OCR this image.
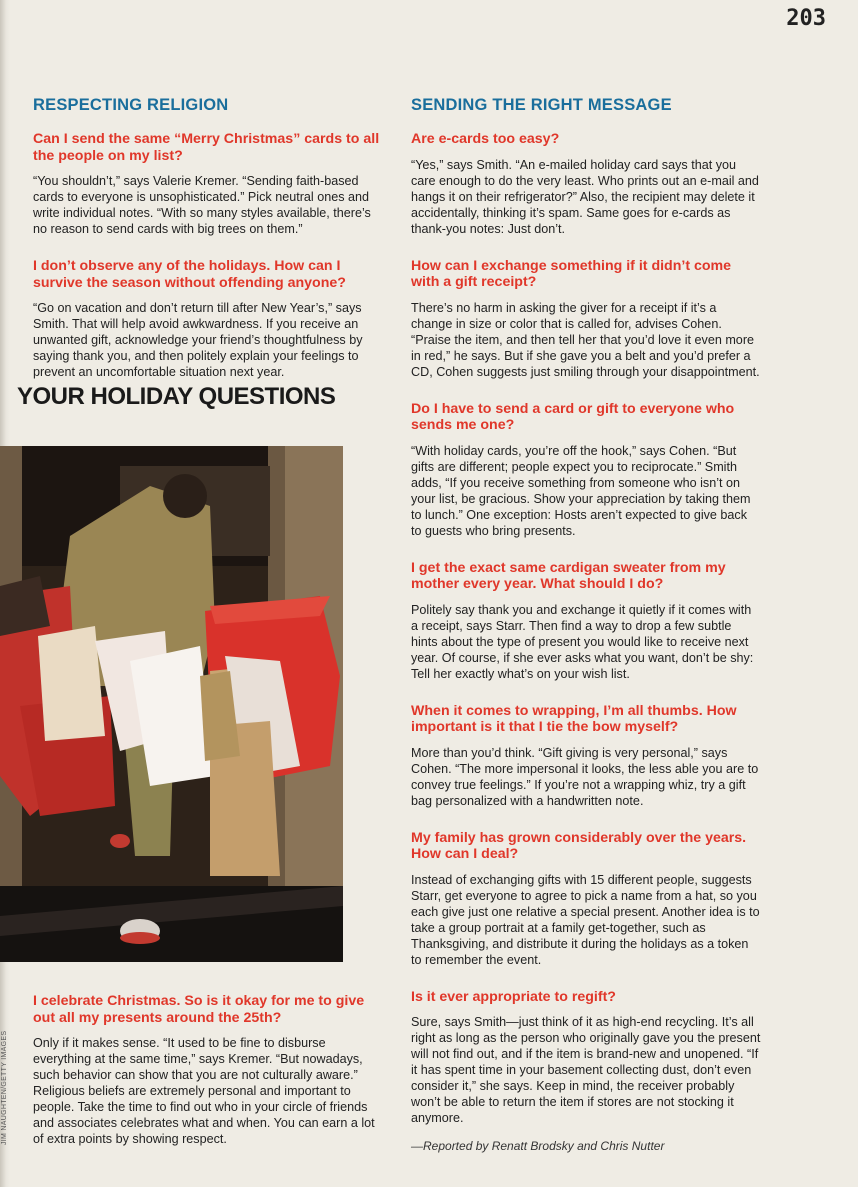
203
RESPECTING RELIGION
Can I send the same “Merry Christmas” cards to all the people on my list?

“You shouldn’t,” says Valerie Kremer. “Sending faith-based cards to everyone is unsophisticated.” Pick neutral ones and write individual notes. “With so many styles available, there’s no reason to send cards with big trees on them.”

I don’t observe any of the holidays. How can I survive the season without offending anyone?

“Go on vacation and don’t return till after New Year’s,” says Smith. That will help avoid awkwardness. If you receive an unwanted gift, acknowledge your friend’s thoughtfulness by saying thank you, and then politely explain your feelings to prevent an uncomfortable situation next year.

YOUR HOLIDAY QUESTIONS
I celebrate Christmas. So is it okay for me to give out all my presents around the 25th?

Only if it makes sense. “It used to be fine to disburse everything at the same time,” says Kremer. “But nowadays, such behavior can show that you are not culturally aware.” Religious beliefs are extremely personal and important to people. Take the time to find out who in your circle of friends and associates celebrates what and when. You can earn a lot of extra points by showing respect.

JIM NAUGHTEN/GETTY IMAGES
SENDING THE RIGHT MESSAGE
Are e-cards too easy?

“Yes,” says Smith. “An e-mailed holiday card says that you care enough to do the very least. Who prints out an e-mail and hangs it on their refrigerator?” Also, the recipient may delete it accidentally, thinking it’s spam. Same goes for e-cards as thank-you notes: Just don’t.

How can I exchange something if it didn’t come with a gift receipt?

There’s no harm in asking the giver for a receipt if it’s a change in size or color that is called for, advises Cohen. “Praise the item, and then tell her that you’d love it even more in red,” he says. But if she gave you a belt and you’d prefer a CD, Cohen suggests just smiling through your disappointment.

Do I have to send a card or gift to everyone who sends me one?

“With holiday cards, you’re off the hook,” says Cohen. “But gifts are different; people expect you to reciprocate.” Smith adds, “If you receive something from someone who isn’t on your list, be gracious. Show your appreciation by taking them to lunch.” One exception: Hosts aren’t expected to give back to guests who bring presents.

I get the exact same cardigan sweater from my mother every year. What should I do?

Politely say thank you and exchange it quietly if it comes with a receipt, says Starr. Then find a way to drop a few subtle hints about the type of present you would like to receive next year. Of course, if she ever asks what you want, don’t be shy: Tell her exactly what’s on your wish list.

When it comes to wrapping, I’m all thumbs. How important is it that I tie the bow myself?

More than you’d think. “Gift giving is very personal,” says Cohen. “The more impersonal it looks, the less able you are to convey true feelings.” If you’re not a wrapping whiz, try a gift bag personalized with a handwritten note.

My family has grown considerably over the years. How can I deal?

Instead of exchanging gifts with 15 different people, suggests Starr, get everyone to agree to pick a name from a hat, so you each give just one relative a special present. Another idea is to take a group portrait at a family get-together, such as Thanksgiving, and distribute it during the holidays as a token to remember the event.

Is it ever appropriate to regift?

Sure, says Smith—just think of it as high-end recycling. It’s all right as long as the person who originally gave you the present will not find out, and if the item is brand-new and unopened. “If it has spent time in your basement collecting dust, don’t even consider it,” she says. Keep in mind, the receiver probably won’t be able to return the item if stores are not stocking it anymore.

—Reported by Renatt Brodsky and Chris Nutter
